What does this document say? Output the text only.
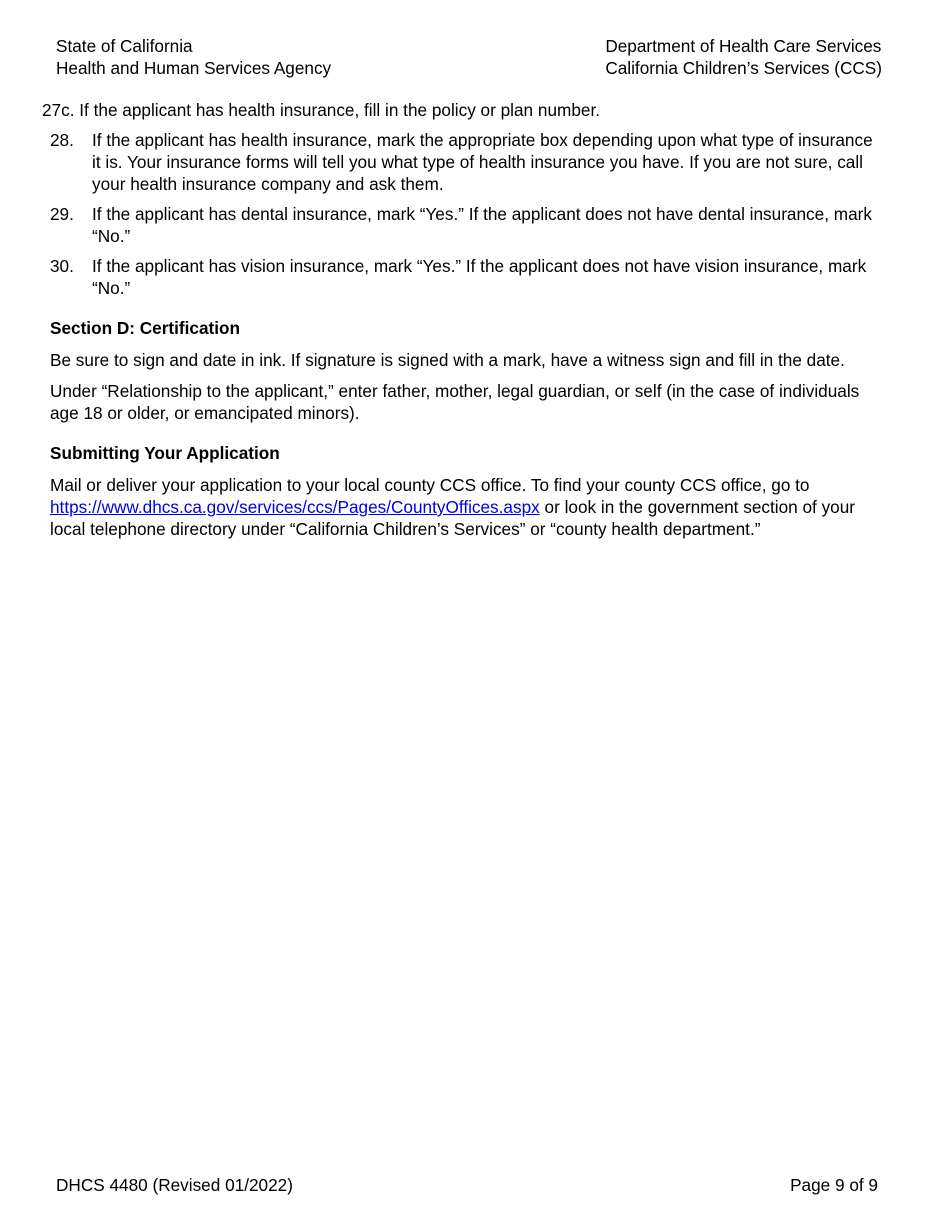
State of California
Health and Human Services Agency
Department of Health Care Services
California Children’s Services (CCS)
27c. If the applicant has health insurance, fill in the policy or plan number.
28. If the applicant has health insurance, mark the appropriate box depending upon what type of insurance it is. Your insurance forms will tell you what type of health insurance you have. If you are not sure, call your health insurance company and ask them.
29. If the applicant has dental insurance, mark “Yes.” If the applicant does not have dental insurance, mark “No.”
30. If the applicant has vision insurance, mark “Yes.” If the applicant does not have vision insurance, mark “No.”
Section D: Certification

Be sure to sign and date in ink. If signature is signed with a mark, have a witness sign and fill in the date.

Under “Relationship to the applicant,” enter father, mother, legal guardian, or self (in the case of individuals age 18 or older, or emancipated minors).

Submitting Your Application

Mail or deliver your application to your local county CCS office. To find your county CCS office, go to https://www.dhcs.ca.gov/services/ccs/Pages/CountyOffices.aspx or look in the government section of your local telephone directory under “California Children’s Services” or “county health department.”

DHCS 4480 (Revised 01/2022)	Page 9 of 9
